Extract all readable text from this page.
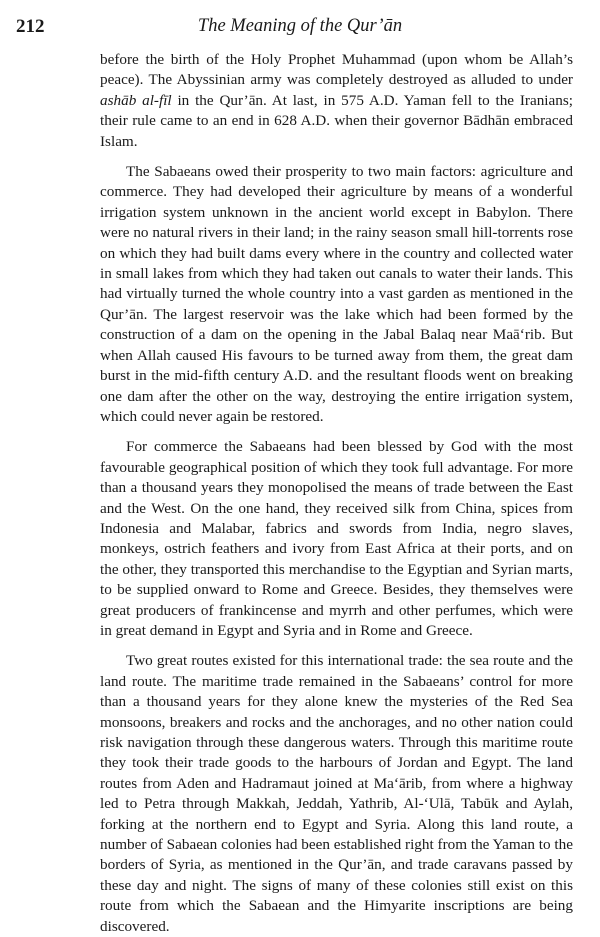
212	The Meaning of the Qur’ān

before the birth of the Holy Prophet Muhammad (upon whom be Allah’s peace). The Abyssinian army was completely destroyed as alluded to under ashāb al-fīl in the Qur’ān. At last, in 575 A.D. Yaman fell to the Iranians; their rule came to an end in 628 A.D. when their governor Bādhān embraced Islam.

The Sabaeans owed their prosperity to two main factors: agriculture and commerce. They had developed their agriculture by means of a wonderful irrigation system unknown in the ancient world except in Babylon. There were no natural rivers in their land; in the rainy season small hill-torrents rose on which they had built dams every where in the country and collected water in small lakes from which they had taken out canals to water their lands. This had virtually turned the whole country into a vast garden as mentioned in the Qur’ān. The largest reservoir was the lake which had been formed by the construction of a dam on the opening in the Jabal Balaq near Maā‘rib. But when Allah caused His favours to be turned away from them, the great dam burst in the mid-fifth century A.D. and the resultant floods went on breaking one dam after the other on the way, destroying the entire irrigation system, which could never again be restored.

For commerce the Sabaeans had been blessed by God with the most favourable geographical position of which they took full advantage. For more than a thousand years they monopolised the means of trade between the East and the West. On the one hand, they received silk from China, spices from Indonesia and Malabar, fabrics and swords from India, negro slaves, monkeys, ostrich feathers and ivory from East Africa at their ports, and on the other, they transported this merchandise to the Egyptian and Syrian marts, to be supplied onward to Rome and Greece. Besides, they themselves were great producers of frankincense and myrrh and other perfumes, which were in great demand in Egypt and Syria and in Rome and Greece.

Two great routes existed for this international trade: the sea route and the land route. The maritime trade remained in the Sabaeans’ control for more than a thousand years for they alone knew the mysteries of the Red Sea monsoons, breakers and rocks and the anchorages, and no other nation could risk navigation through these dangerous waters. Through this maritime route they took their trade goods to the harbours of Jordan and Egypt. The land routes from Aden and Hadramaut joined at Ma‘ārib, from where a highway led to Petra through Makkah, Jeddah, Yathrib, Al-‘Ulā, Tabūk and Aylah, forking at the northern end to Egypt and Syria. Along this land route, a number of Sabaean colonies had been established right from the Yaman to the borders of Syria, as mentioned in the Qur’ān, and trade caravans passed by these day and night. The signs of many of these colonies still exist on this route from which the Sabaean and the Himyarite inscriptions are being discovered.
